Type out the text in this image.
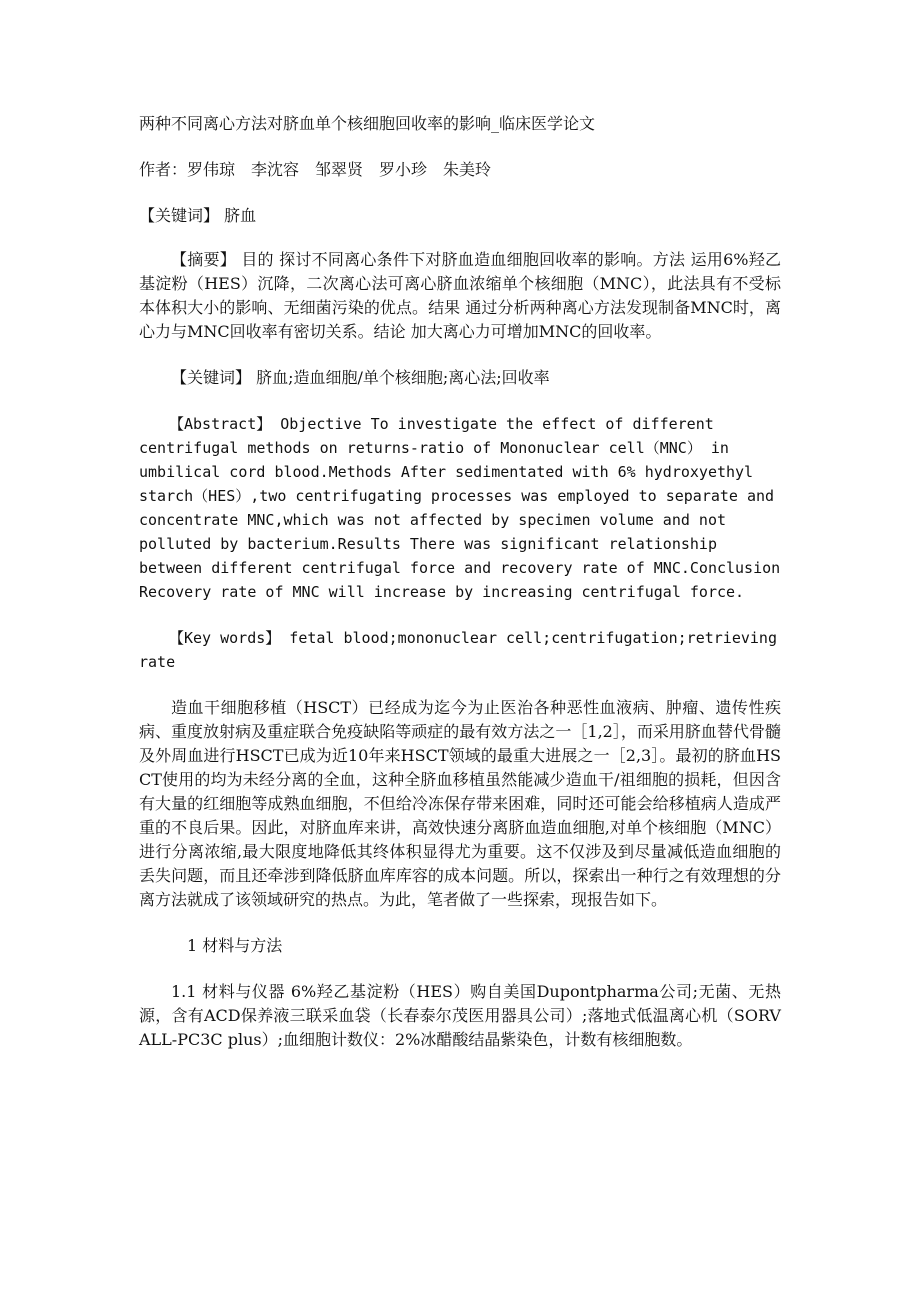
两种不同离心方法对脐血单个核细胞回收率的影响_临床医学论文

作者：罗伟琼　李沈容　邹翠贤　罗小珍　朱美玲

【关键词】 脐血

【摘要】 目的 探讨不同离心条件下对脐血造血细胞回收率的影响。方法 运用6%羟乙基淀粉（HES）沉降，二次离心法可离心脐血浓缩单个核细胞（MNC），此法具有不受标本体积大小的影响、无细菌污染的优点。结果 通过分析两种离心方法发现制备MNC时，离心力与MNC回收率有密切关系。结论 加大离心力可增加MNC的回收率。

【关键词】 脐血;造血细胞/单个核细胞;离心法;回收率

【Abstract】 Objective To investigate the effect of different centrifugal methods on returns-ratio of Mononuclear cell（MNC） in umbilical cord blood.Methods After sedimentated with 6% hydroxyethyl starch（HES）,two centrifugating processes was employed to separate and concentrate MNC,which was not affected by specimen volume and not polluted by bacterium.Results There was significant relationship between different centrifugal force and recovery rate of MNC.Conclusion Recovery rate of MNC will increase by increasing centrifugal force.

【Key words】 fetal blood;mononuclear cell;centrifugation;retrieving rate

造血干细胞移植（HSCT）已经成为迄今为止医治各种恶性血液病、肿瘤、遗传性疾病、重度放射病及重症联合免疫缺陷等顽症的最有效方法之一［1,2］，而采用脐血替代骨髓及外周血进行HSCT已成为近10年来HSCT领域的最重大进展之一［2,3］。最初的脐血HSCT使用的均为未经分离的全血，这种全脐血移植虽然能减少造血干/祖细胞的损耗，但因含有大量的红细胞等成熟血细胞，不但给冷冻保存带来困难，同时还可能会给移植病人造成严重的不良后果。因此，对脐血库来讲，高效快速分离脐血造血细胞,对单个核细胞（MNC）进行分离浓缩,最大限度地降低其终体积显得尤为重要。这不仅涉及到尽量减低造血细胞的丢失问题，而且还牵涉到降低脐血库库容的成本问题。所以，探索出一种行之有效理想的分离方法就成了该领域研究的热点。为此，笔者做了一些探索，现报告如下。

1 材料与方法

1.1 材料与仪器 6%羟乙基淀粉（HES）购自美国Dupontpharma公司;无菌、无热源，含有ACD保养液三联采血袋（长春泰尔茂医用器具公司）;落地式低温离心机（SORVALL-PC3C plus）;血细胞计数仪：2%冰醋酸结晶紫染色，计数有核细胞数。
